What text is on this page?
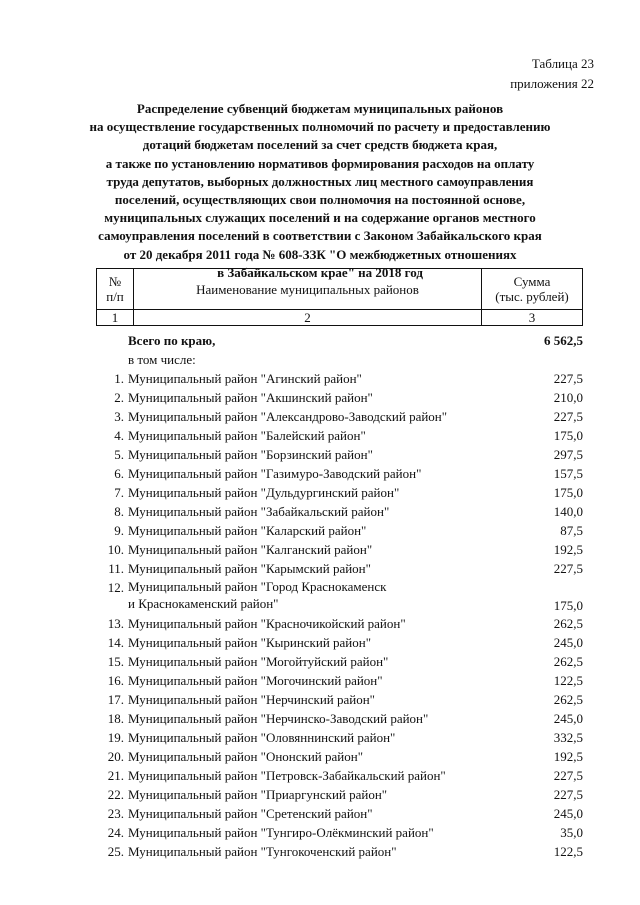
Таблица 23
приложения 22
Распределение субвенций бюджетам муниципальных районов
на осуществление государственных полномочий по расчету и предоставлению
дотаций бюджетам поселений за счет средств бюджета края,
а также по установлению нормативов формирования расходов на оплату
труда депутатов, выборных должностных лиц местного самоуправления
поселений, осуществляющих свои полномочия на постоянной основе,
муниципальных служащих поселений и на содержание органов местного
самоуправления поселений в соответствии с Законом Забайкальского края
от 20 декабря 2011 года № 608-ЗЗК "О межбюджетных отношениях
в Забайкальском крае" на 2018 год
№
п/п	Наименование муниципальных районов	Сумма
(тыс. рублей)
1	2	3
Всего по краю,	6 562,5
в том числе:
1. Муниципальный район "Агинский район"	227,5
2. Муниципальный район "Акшинский район"	210,0
3. Муниципальный район "Александрово-Заводский район"	227,5
4. Муниципальный район "Балейский район"	175,0
5. Муниципальный район "Борзинский район"	297,5
6. Муниципальный район "Газимуро-Заводский район"	157,5
7. Муниципальный район "Дульдургинский район"	175,0
8. Муниципальный район "Забайкальский район"	140,0
9. Муниципальный район "Каларский район"	87,5
10. Муниципальный район "Калганский район"	192,5
11. Муниципальный район "Карымский район"	227,5
12. Муниципальный район "Город Краснокаменск
и Краснокаменский район"	175,0
13. Муниципальный район "Красночикойский район"	262,5
14. Муниципальный район "Кыринский район"	245,0
15. Муниципальный район "Могойтуйский район"	262,5
16. Муниципальный район "Могочинский район"	122,5
17. Муниципальный район "Нерчинский район"	262,5
18. Муниципальный район "Нерчинско-Заводский район"	245,0
19. Муниципальный район "Оловяннинский район"	332,5
20. Муниципальный район "Ононский район"	192,5
21. Муниципальный район "Петровск-Забайкальский район"	227,5
22. Муниципальный район "Приаргунский район"	227,5
23. Муниципальный район "Сретенский район"	245,0
24. Муниципальный район "Тунгиро-Олёкминский район"	35,0
25. Муниципальный район "Тунгокоченский район"	122,5
